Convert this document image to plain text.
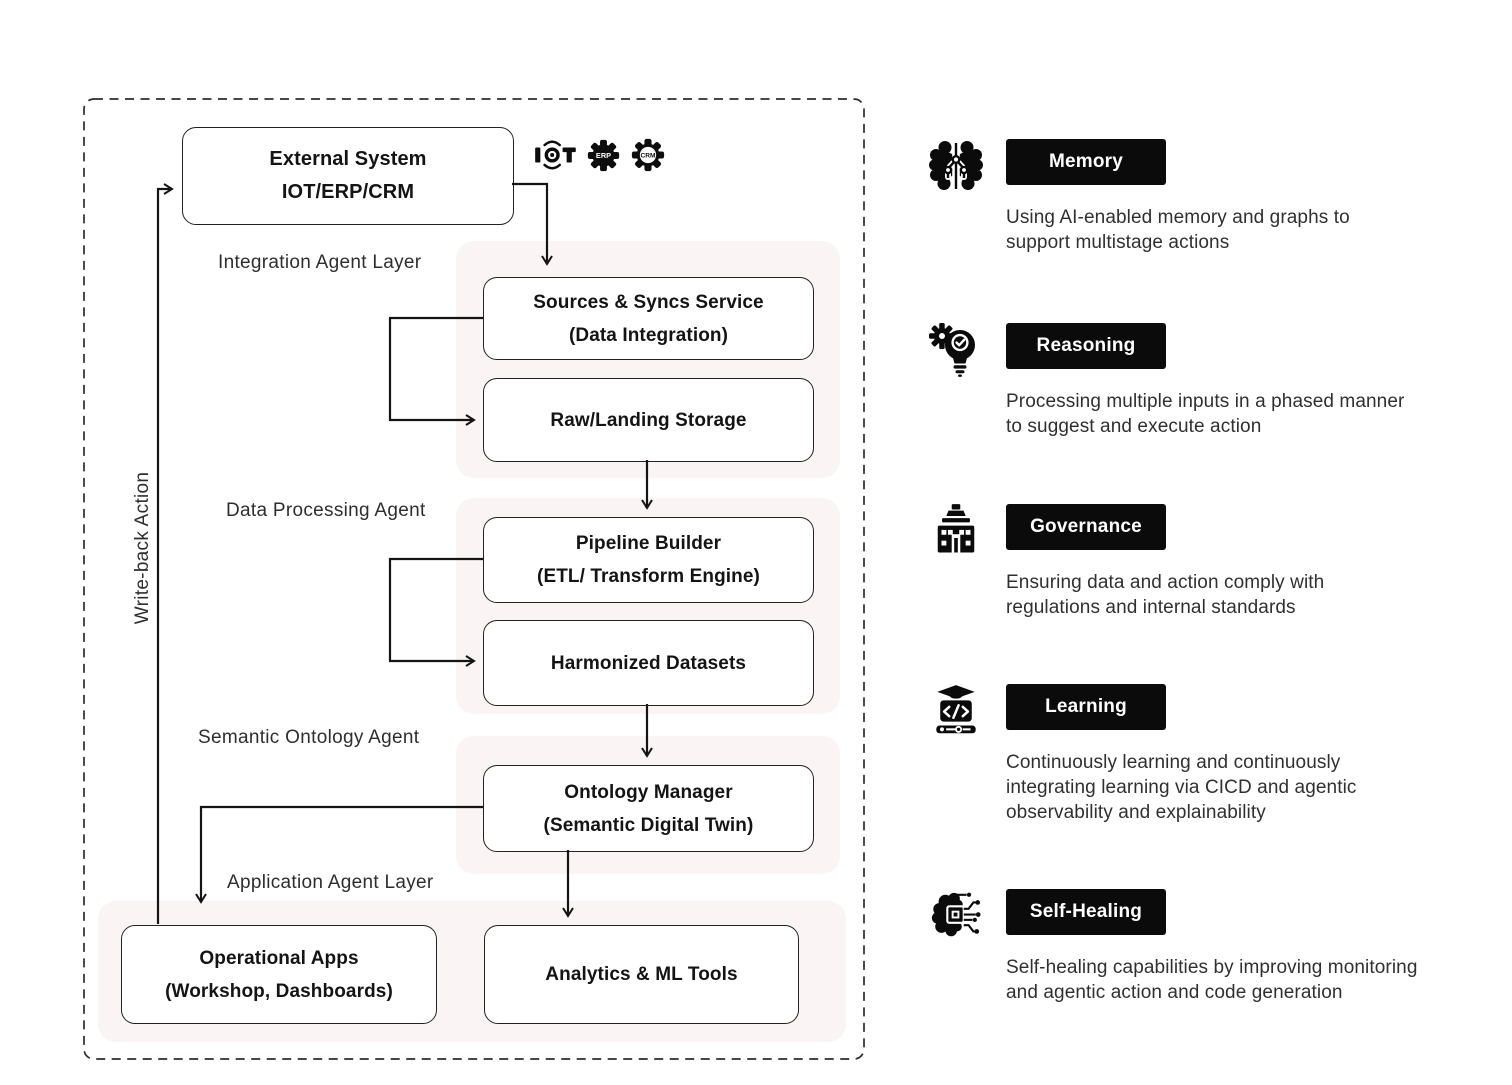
Integration Agent Layer
Data Processing Agent
Semantic Ontology Agent
Application Agent Layer
Write-back Action
External System
IOT/ERP/CRM
Sources & Syncs Service
(Data Integration)
Raw/Landing Storage
Pipeline Builder
(ETL/ Transform Engine)
Harmonized Datasets
Ontology Manager
(Semantic Digital Twin)
Operational Apps
(Workshop, Dashboards)
Analytics & ML Tools
ERP	CRM	Memory
Using AI-enabled memory and graphs to support multistage actions
Reasoning
Processing multiple inputs in a phased manner to suggest and execute action
Governance
Ensuring data and action comply with regulations and internal standards
Learning
Continuously learning and continuously integrating learning via CICD and agentic observability and explainability
Self-Healing
Self-healing capabilities by improving monitoring and agentic action and code generation
